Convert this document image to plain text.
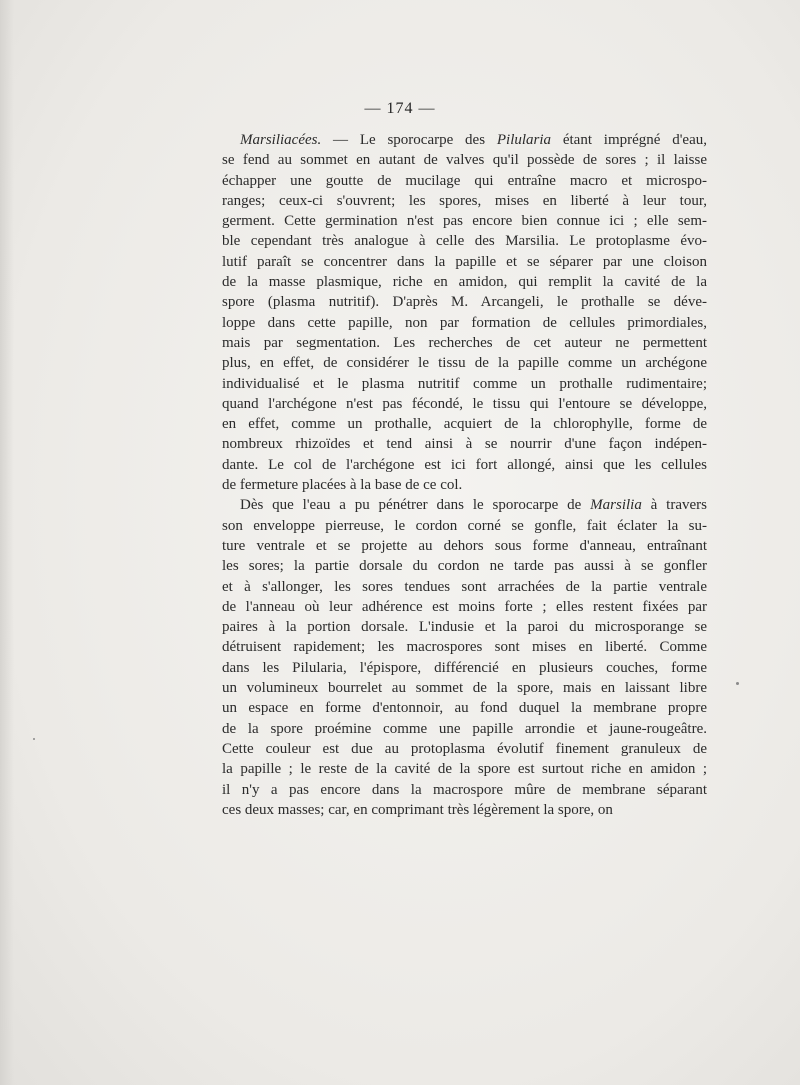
— 174 —
Marsiliacées. — Le sporocarpe des Pilularia étant imprégné d'eau,
se fend au sommet en autant de valves qu'il possède de sores ; il laisse
échapper une goutte de mucilage qui entraîne macro et microspo-
ranges; ceux-ci s'ouvrent; les spores, mises en liberté à leur tour,
germent. Cette germination n'est pas encore bien connue ici ; elle sem-
ble cependant très analogue à celle des Marsilia. Le protoplasme évo-
lutif paraît se concentrer dans la papille et se séparer par une cloison
de la masse plasmique, riche en amidon, qui remplit la cavité de la
spore (plasma nutritif). D'après M. Arcangeli, le prothalle se déve-
loppe dans cette papille, non par formation de cellules primordiales,
mais par segmentation. Les recherches de cet auteur ne permettent
plus, en effet, de considérer le tissu de la papille comme un archégone
individualisé et le plasma nutritif comme un prothalle rudimentaire;
quand l'archégone n'est pas fécondé, le tissu qui l'entoure se développe,
en effet, comme un prothalle, acquiert de la chlorophylle, forme de
nombreux rhizoïdes et tend ainsi à se nourrir d'une façon indépen-
dante. Le col de l'archégone est ici fort allongé, ainsi que les cellules
de fermeture placées à la base de ce col.
Dès que l'eau a pu pénétrer dans le sporocarpe de Marsilia à travers
son enveloppe pierreuse, le cordon corné se gonfle, fait éclater la su-
ture ventrale et se projette au dehors sous forme d'anneau, entraînant
les sores; la partie dorsale du cordon ne tarde pas aussi à se gonfler
et à s'allonger, les sores tendues sont arrachées de la partie ventrale
de l'anneau où leur adhérence est moins forte ; elles restent fixées par
paires à la portion dorsale. L'indusie et la paroi du microsporange se
détruisent rapidement; les macrospores sont mises en liberté. Comme
dans les Pilularia, l'épispore, différencié en plusieurs couches, forme
un volumineux bourrelet au sommet de la spore, mais en laissant libre
un espace en forme d'entonnoir, au fond duquel la membrane propre
de la spore proémine comme une papille arrondie et jaune-rougeâtre.
Cette couleur est due au protoplasma évolutif finement granuleux de
la papille ; le reste de la cavité de la spore est surtout riche en amidon ;
il n'y a pas encore dans la macrospore mûre de membrane séparant
ces deux masses; car, en comprimant très légèrement la spore, on
